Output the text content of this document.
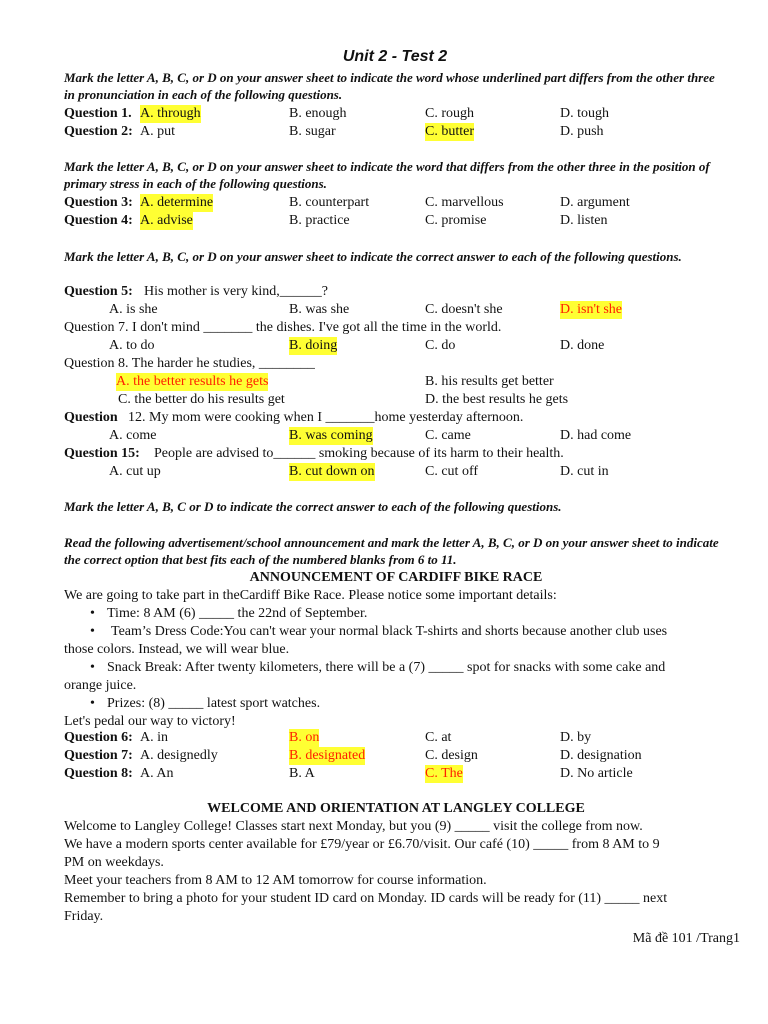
Unit 2 - Test 2
Mark the letter A, B, C, or D on your answer sheet to indicate the word whose underlined part differs from the other three in pronunciation in each of the following questions.
Question 1. A. through	B. enough	C. rough	D. tough
Question 2: A. put	B. sugar	C. butter	D. push
Mark the letter A, B, C, or D on your answer sheet to indicate the word that differs from the other three in the position of primary stress in each of the following questions.
Question 3: A. determine	B. counterpart	C. marvellous	D. argument
Question 4: A. advise	B. practice	C. promise	D. listen
Mark the letter A, B, C, or D on your answer sheet to indicate the correct answer to each of the following questions.
Question 5: His mother is very kind,______?
A. is she	B. was she	C. doesn't she	D. isn't she
Question 7. I don't mind _______ the dishes. I've got all the time in the world.
A. to do	B. doing	C. do	D. done
Question 8. The harder he studies, ________
A. the better results he gets	B. his results get better
C. the better do his results get	D. the best results he gets
Question 12. My mom were cooking when I _______home yesterday afternoon.
A. come	B. was coming	C. came	D. had come
Question 15: People are advised to______ smoking because of its harm to their health.
A. cut up	B. cut down on	C. cut off	D. cut in
Mark the letter A, B, C or D to indicate the correct answer to each of the following questions.
Read the following advertisement/school announcement and mark the letter A, B, C, or D on your answer sheet to indicate the correct option that best fits each of the numbered blanks from 6 to 11.
ANNOUNCEMENT OF CARDIFF BIKE RACE
We are going to take part in theCardiff Bike Race. Please notice some important details:
• Time: 8 AM (6) _____ the 22nd of September.
•	Team’s Dress Code:You can't wear your normal black T-shirts and shorts because another club uses
those colors. Instead, we will wear blue.
• Snack Break: After twenty kilometers, there will be a (7) _____ spot for snacks with some cake and
orange juice.
• Prizes: (8) _____ latest sport watches.
Let's pedal our way to victory!
Question 6: A. in	B. on	C. at	D. by
Question 7: A. designedly	B. designated	C. design	D. designation
Question 8: A. An	B. A	C. The	D. No article
WELCOME AND ORIENTATION AT LANGLEY COLLEGE
Welcome to Langley College! Classes start next Monday, but you (9) _____ visit the college from now.
We have a modern sports center available for £79/year or £6.70/visit. Our café (10) _____ from 8 AM to 9
PM on weekdays.
Meet your teachers from 8 AM to 12 AM tomorrow for course information.
Remember to bring a photo for your student ID card on Monday. ID cards will be ready for (11) _____ next
Friday.
Mã đề 101 /Trang1
